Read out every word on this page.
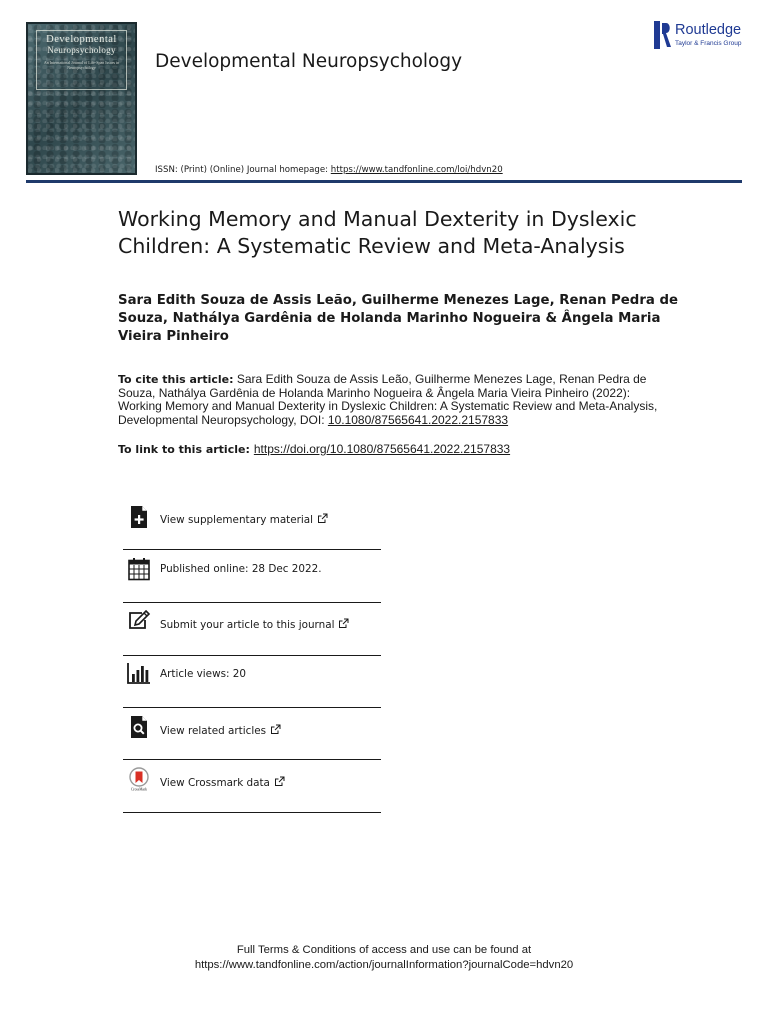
Developmental
Neuropsychology
An International Journal of Life-Span Issues in Neuropsychology	Developmental Neuropsychology
ISSN: (Print) (Online) Journal homepage: https://www.tandfonline.com/loi/hdvn20
Routledge
Taylor & Francis Group
Working Memory and Manual Dexterity in Dyslexic Children: A Systematic Review and Meta-Analysis
Sara Edith Souza de Assis Leão, Guilherme Menezes Lage, Renan Pedra de Souza, Nathálya Gardênia de Holanda Marinho Nogueira & Ângela Maria Vieira Pinheiro
To cite this article: Sara Edith Souza de Assis Leão, Guilherme Menezes Lage, Renan Pedra de Souza, Nathálya Gardênia de Holanda Marinho Nogueira & Ângela Maria Vieira Pinheiro (2022): Working Memory and Manual Dexterity in Dyslexic Children: A Systematic Review and Meta-Analysis, Developmental Neuropsychology, DOI: 10.1080/87565641.2022.2157833
To link to this article: https://doi.org/10.1080/87565641.2022.2157833
View supplementary material
Published online: 28 Dec 2022.
Submit your article to this journal
Article views: 20
View related articles
CrossMark
View Crossmark data
Full Terms & Conditions of access and use can be found at
https://www.tandfonline.com/action/journalInformation?journalCode=hdvn20
